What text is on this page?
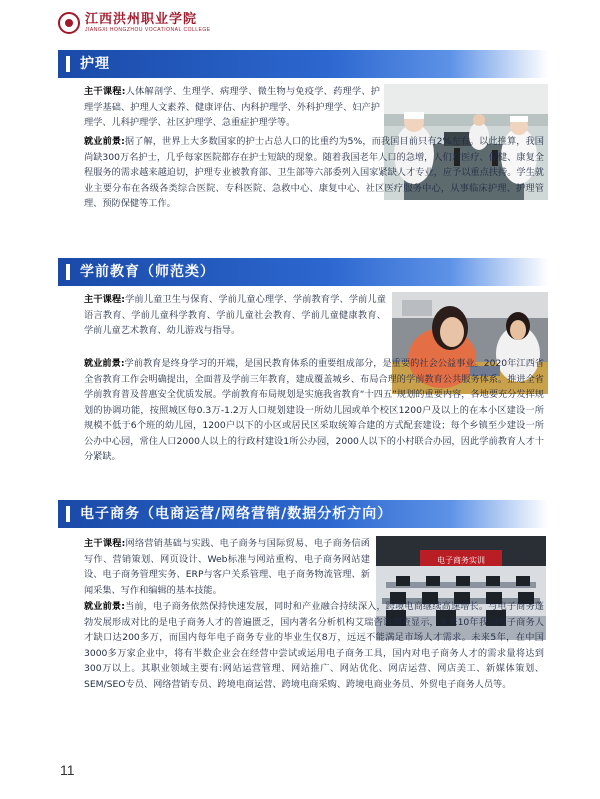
江西洪州职业学院
JIANGXI HONGZHOU VOCATIONAL COLLEGE
护理

主干课程:人体解剖学、生理学、病理学、微生物与免疫学、药理学、护理学基础、护理人文素养、健康评估、内科护理学、外科护理学、妇产护理学、儿科护理学、社区护理学、急重症护理学等。

就业前景:据了解，世界上大多数国家的护士占总人口的比重约为5%，而我国目前只有2%左右。以此推算，我国尚缺300万名护士，几乎每家医院都存在护士短缺的现象。随着我国老年人口的急增，人们对医疗、保健、康复全程服务的需求越来越迫切，护理专业被教育部、卫生部等六部委列入国家紧缺人才专业，应予以重点扶持。学生就业主要分布在各级各类综合医院、专科医院、急救中心、康复中心、社区医疗服务中心，从事临床护理、护理管理、预防保健等工作。

学前教育（师范类）

主干课程:学前儿童卫生与保育、学前儿童心理学、学前教育学、学前儿童语言教育、学前儿童科学教育、学前儿童社会教育、学前儿童健康教育、学前儿童艺术教育、幼儿游戏与指导。

就业前景:学前教育是终身学习的开端，是国民教育体系的重要组成部分，是重要的社会公益事业。2020年江西省全省教育工作会明确提出，全面普及学前三年教育，建成覆盖城乡、布局合理的学前教育公共服务体系。推进全省学前教育普及普惠安全优质发展。学前教育布局规划是实施我省教育“十四五”规划的重要内容，各地要充分发挥规划的协调功能，按照城区每0.3万-1.2万人口规划建设一所幼儿园或单个校区1200户及以上的在本小区建设一所规模不低于6个班的幼儿园，1200户以下的小区或居民区采取统筹合建的方式配套建设；每个乡镇至少建设一所公办中心园，常住人口2000人以上的行政村建设1所公办园，2000人以下的小村联合办园，因此学前教育人才十分紧缺。

电子商务（电商运营/网络营销/数据分析方向）
电子商务实训

主干课程:网络营销基础与实践、电子商务与国际贸易、电子商务信函写作、营销策划、网页设计、Web标准与网站重构、电子商务网站建设、电子商务管理实务、ERP与客户关系管理、电子商务物流管理、新闻采集、写作和编辑的基本技能。

就业前景:当前，电子商务依然保持快速发展，同时和产业融合持续深入，跨境电商继续高速增长。与电子商务蓬勃发展形成对比的是电子商务人才的普遍匮乏，国内著名分析机构艾瑞咨询调查显示，未来10年我国电子商务人才缺口达200多万，而国内每年电子商务专业的毕业生仅8万，远远不能满足市场人才需求。未来5年，在中国3000多万家企业中，将有半数企业会在经营中尝试或运用电子商务工具，国内对电子商务人才的需求量将达到300万以上。其职业领域主要有:网站运营管理、网站推广、网站优化、网店运营、网店美工、新媒体策划、SEM/SEO专员、网络营销专员、跨境电商运营、跨境电商采购、跨境电商业务员、外贸电子商务人员等。

11
